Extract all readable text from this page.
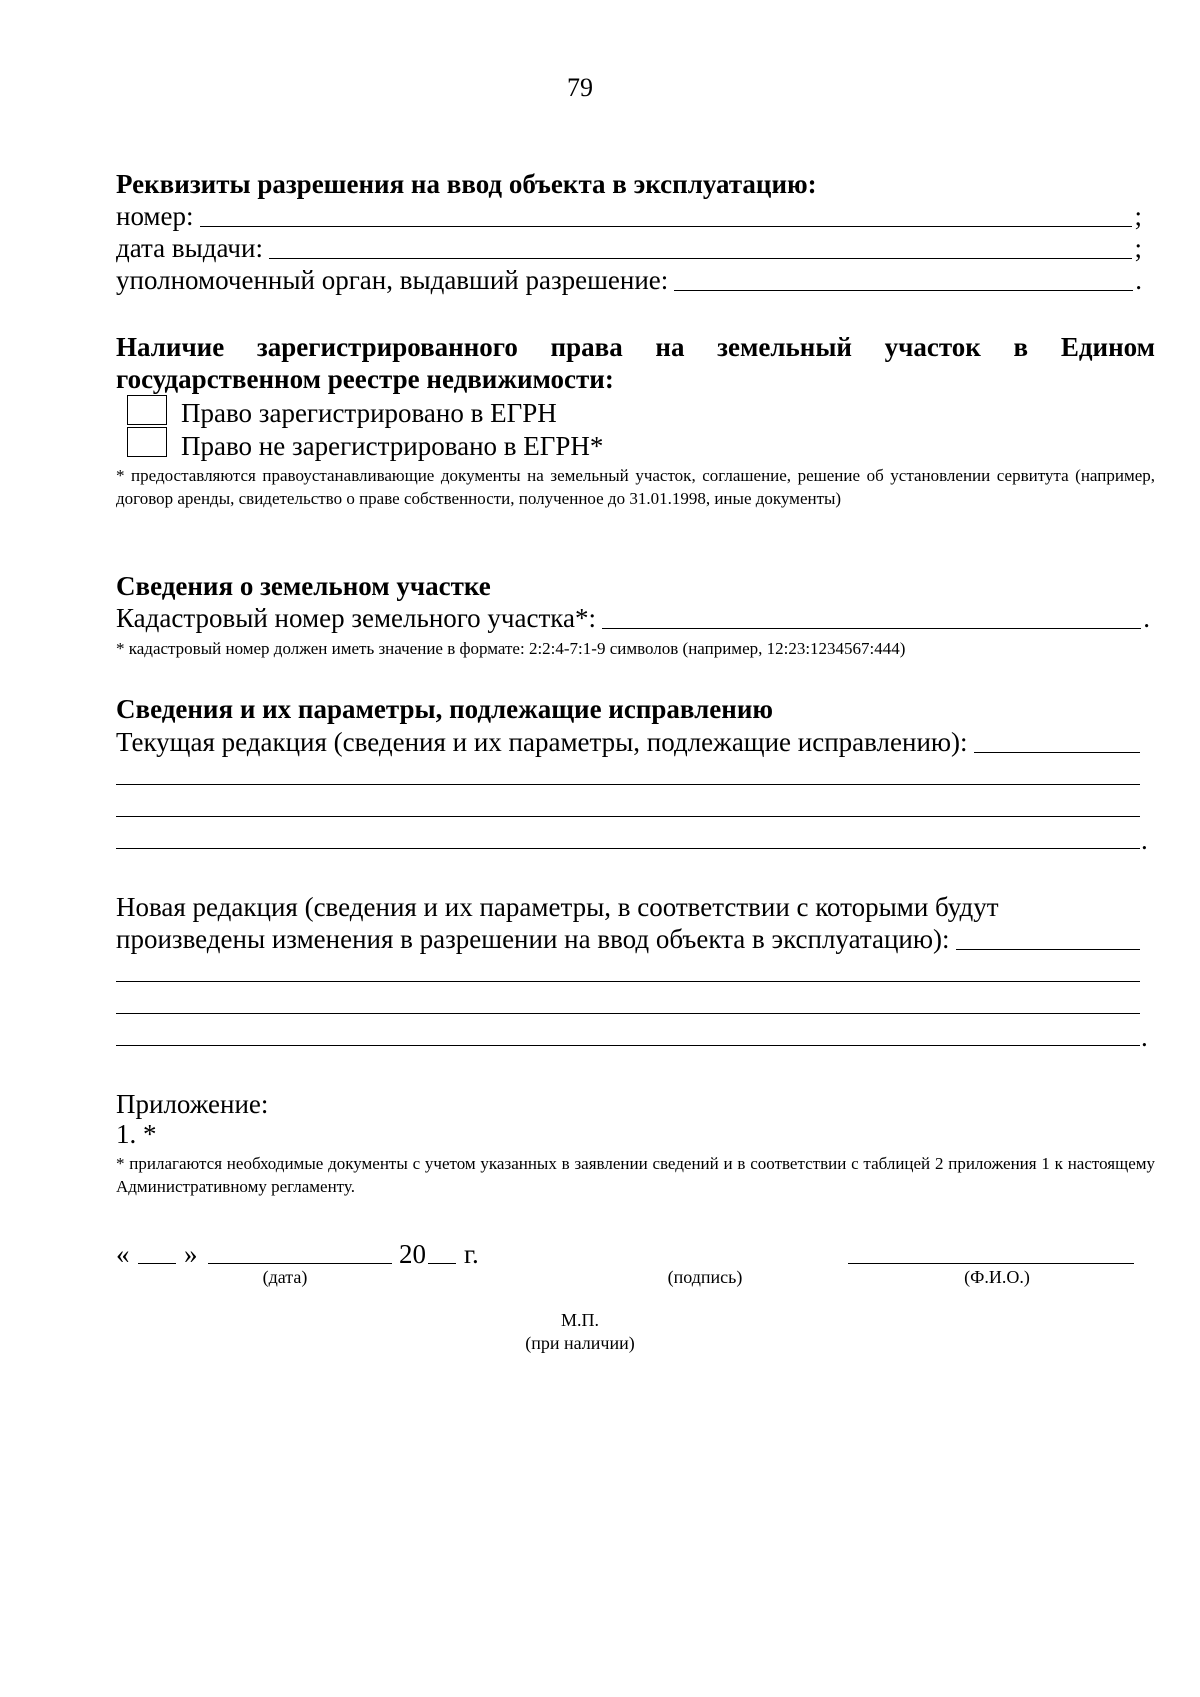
79
Реквизиты разрешения на ввод объекта в эксплуатацию:
номер:	;
дата выдачи:	;
уполномоченный орган, выдавший разрешение:	.
Наличие зарегистрированного права на земельный участок в Едином
государственном реестре недвижимости:
Право зарегистрировано в ЕГРН
Право не зарегистрировано в ЕГРН*
* предоставляются правоустанавливающие документы на земельный участок, соглашение, решение об установлении сервитута (например, договор аренды, свидетельство о праве собственности, полученное до 31.01.1998, иные документы)
Сведения о земельном участке
Кадастровый номер земельного участка*:	.
* кадастровый номер должен иметь значение в формате: 2:2:4-7:1-9 символов (например, 12:23:1234567:444)
Сведения и их параметры, подлежащие исправлению
Текущая редакция (сведения и их параметры, подлежащие исправлению):
.
Новая редакция (сведения и их параметры, в соответствии с которыми будут
произведены изменения в разрешении на ввод объекта в эксплуатацию):
.
Приложение:
1. *
* прилагаются необходимые документы с учетом указанных в заявлении сведений и в соответствии с таблицей 2 приложения 1 к настоящему Административному регламенту.
« »	20 г.
(дата)	(подпись)	(Ф.И.О.)
М.П.
(при наличии)
